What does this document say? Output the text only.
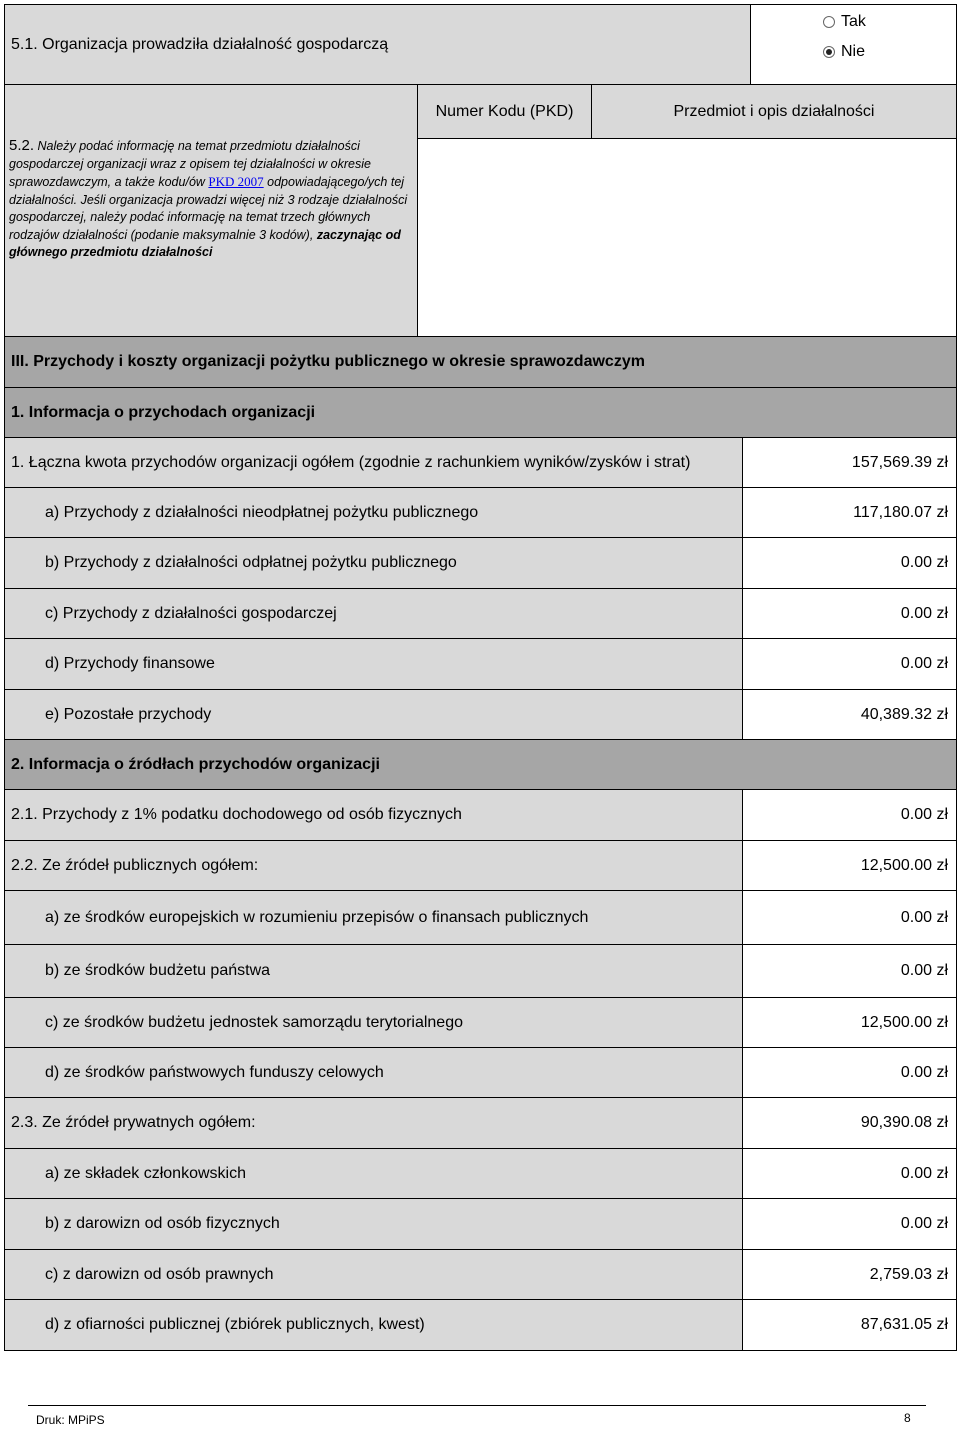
5.1. Organizacja prowadziła działalność gospodarczą
Tak
Nie
5.2. Należy podać informację na temat przedmiotu działalności gospodarczej organizacji wraz z opisem tej działalności w okresie sprawozdawczym, a także kodu/ów PKD 2007 odpowiadającego/ych tej działalności. Jeśli organizacja prowadzi więcej niż 3 rodzaje działalności gospodarczej, należy podać informację na temat trzech głównych rodzajów działalności (podanie maksymalnie 3 kodów), zaczynając od głównego przedmiotu działalności
Numer Kodu (PKD)	Przedmiot i opis działalności
III. Przychody i koszty organizacji pożytku publicznego w okresie sprawozdawczym
1. Informacja o przychodach organizacji
1. Łączna kwota przychodów organizacji ogółem (zgodnie z rachunkiem wyników/zysków i strat)	157,569.39 zł
a) Przychody z działalności nieodpłatnej pożytku publicznego	117,180.07 zł
b) Przychody z działalności odpłatnej pożytku publicznego	0.00 zł
c) Przychody z działalności gospodarczej	0.00 zł
d) Przychody finansowe	0.00 zł
e) Pozostałe przychody	40,389.32 zł
2. Informacja o źródłach przychodów organizacji
2.1. Przychody z 1% podatku dochodowego od osób fizycznych	0.00 zł
2.2. Ze źródeł publicznych ogółem:	12,500.00 zł
a) ze środków europejskich w rozumieniu przepisów o finansach publicznych	0.00 zł
b) ze środków budżetu państwa	0.00 zł
c) ze środków budżetu jednostek samorządu terytorialnego	12,500.00 zł
d) ze środków państwowych funduszy celowych	0.00 zł
2.3. Ze źródeł prywatnych ogółem:	90,390.08 zł
a) ze składek członkowskich	0.00 zł
b) z darowizn od osób fizycznych	0.00 zł
c) z darowizn od osób prawnych	2,759.03 zł
d) z ofiarności publicznej (zbiórek publicznych, kwest)	87,631.05 zł
Druk: MPiPS	8
